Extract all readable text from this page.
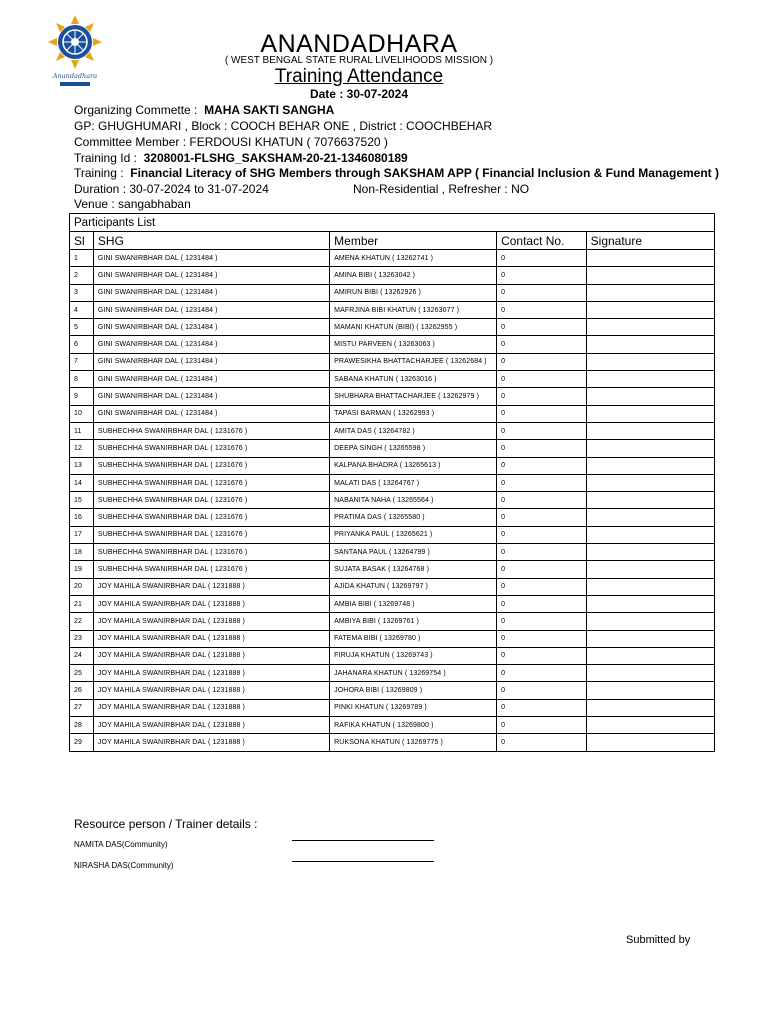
Anandadhara
ANANDADHARA
( WEST BENGAL STATE RURAL LIVELIHOODS MISSION )
Training Attendance
Date : 30-07-2024
Organizing Commette : MAHA SAKTI SANGHA
GP: GHUGHUMARI , Block : COOCH BEHAR ONE , District : COOCHBEHAR
Committee Member : FERDOUSI KHATUN ( 7076637520 )
Training Id : 3208001-FLSHG_SAKSHAM-20-21-1346080189
Training : Financial Literacy of SHG Members through SAKSHAM APP ( Financial Inclusion & Fund Management )
Duration : 30-07-2024 to 31-07-2024	Non-Residential , Refresher : NO
Venue : sangabhaban
Participants List				
Sl	SHG	Member	Contact No.	Signature
1	GINI SWANIRBHAR DAL ( 1231484 )	AMENA KHATUN ( 13262741 )	0	
2	GINI SWANIRBHAR DAL ( 1231484 )	AMINA BIBI ( 13263042 )	0	
3	GINI SWANIRBHAR DAL ( 1231484 )	AMIRUN BIBI ( 13262926 )	0	
4	GINI SWANIRBHAR DAL ( 1231484 )	MAFRJINA BIBI KHATUN ( 13263077 )	0	
5	GINI SWANIRBHAR DAL ( 1231484 )	MAMANI KHATUN (BIBI) ( 13262955 )	0	
6	GINI SWANIRBHAR DAL ( 1231484 )	MISTU PARVEEN ( 13263063 )	0	
7	GINI SWANIRBHAR DAL ( 1231484 )	PRAWESIKHA BHATTACHARJEE ( 13262684 )	0	
8	GINI SWANIRBHAR DAL ( 1231484 )	SABANA KHATUN ( 13263016 )	0	
9	GINI SWANIRBHAR DAL ( 1231484 )	SHUBHARA BHATTACHARJEE ( 13262979 )	0	
10	GINI SWANIRBHAR DAL ( 1231484 )	TAPASI BARMAN ( 13262993 )	0	
11	SUBHECHHA SWANIRBHAR DAL ( 1231676 )	AMITA DAS ( 13264782 )	0	
12	SUBHECHHA SWANIRBHAR DAL ( 1231676 )	DEEPA SINGH ( 13265598 )	0	
13	SUBHECHHA SWANIRBHAR DAL ( 1231676 )	KALPANA BHADRA ( 13265613 )	0	
14	SUBHECHHA SWANIRBHAR DAL ( 1231676 )	MALATI DAS ( 13264767 )	0	
15	SUBHECHHA SWANIRBHAR DAL ( 1231676 )	NABANITA NAHA ( 13265564 )	0	
16	SUBHECHHA SWANIRBHAR DAL ( 1231676 )	PRATIMA DAS ( 13265580 )	0	
17	SUBHECHHA SWANIRBHAR DAL ( 1231676 )	PRIYANKA PAUL ( 13265621 )	0	
18	SUBHECHHA SWANIRBHAR DAL ( 1231676 )	SANTANA PAUL ( 13264799 )	0	
19	SUBHECHHA SWANIRBHAR DAL ( 1231676 )	SUJATA BASAK ( 13264768 )	0	
20	JOY MAHILA SWANIRBHAR DAL ( 1231888 )	AJIDA KHATUN ( 13269797 )	0	
21	JOY MAHILA SWANIRBHAR DAL ( 1231888 )	AMBIA BIBI ( 13269748 )	0	
22	JOY MAHILA SWANIRBHAR DAL ( 1231888 )	AMBIYA BIBI ( 13269761 )	0	
23	JOY MAHILA SWANIRBHAR DAL ( 1231888 )	FATEMA BIBI ( 13269780 )	0	
24	JOY MAHILA SWANIRBHAR DAL ( 1231888 )	FIRUJA KHATUN ( 13269743 )	0	
25	JOY MAHILA SWANIRBHAR DAL ( 1231888 )	JAHANARA KHATUN ( 13269754 )	0	
26	JOY MAHILA SWANIRBHAR DAL ( 1231888 )	JOHORA BIBI ( 13269809 )	0	
27	JOY MAHILA SWANIRBHAR DAL ( 1231888 )	PINKI KHATUN ( 13269789 )	0	
28	JOY MAHILA SWANIRBHAR DAL ( 1231888 )	RAFIKA KHATUN ( 13269800 )	0	
29	JOY MAHILA SWANIRBHAR DAL ( 1231888 )	RUKSONA KHATUN ( 13269775 )	0	
Resource person / Trainer details :
NAMITA DAS(Community)
NIRASHA DAS(Community)
Submitted by
